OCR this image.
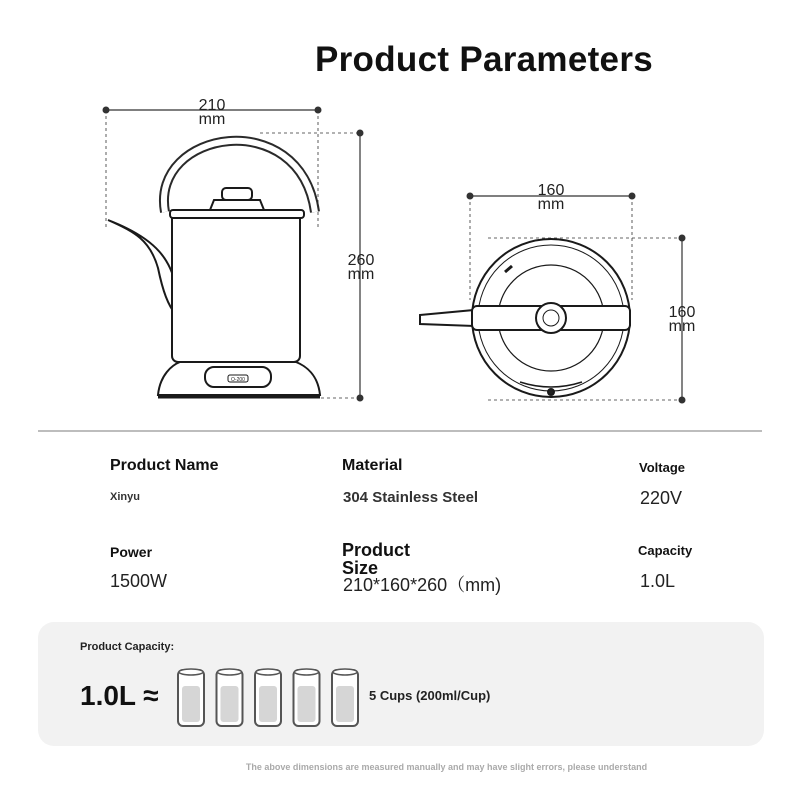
Product Parameters
O-200
210
mm
260
mm
160
mm
160
mm
Product Name
Xinyu
Material
304 Stainless Steel
Voltage
220V
Power
1500W
Product Size
210*160*260（mm)
Capacity
1.0L
Product Capacity:
1.0L ≈	5 Cups (200ml/Cup)
The above dimensions are measured manually and may have slight errors, please understand
